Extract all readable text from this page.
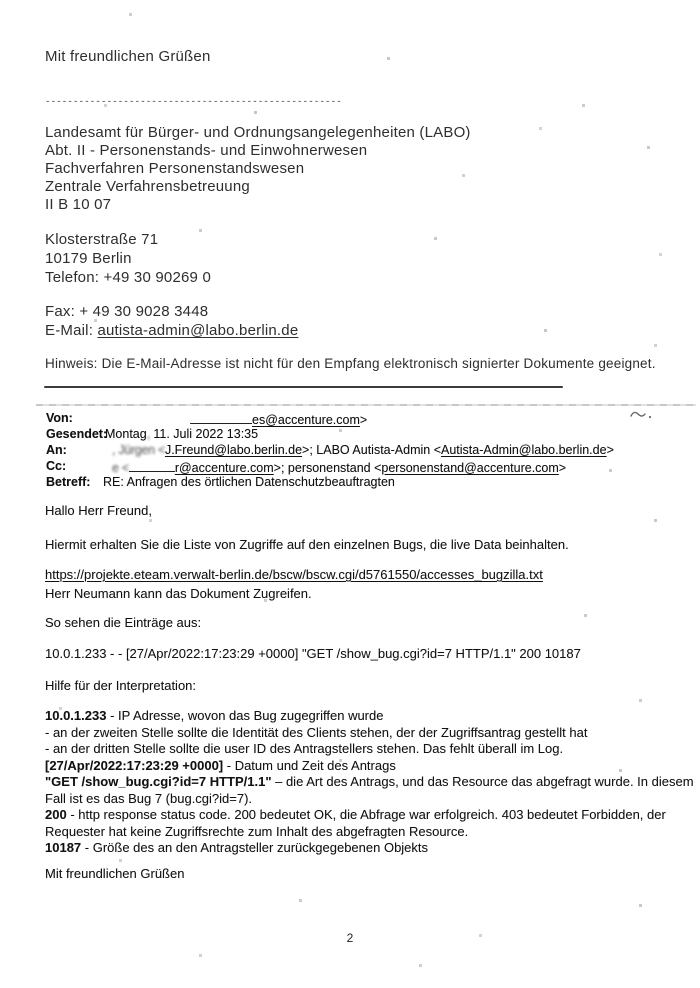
Mit freundlichen Grüßen
-----------------------------------------------------
Landesamt für Bürger- und Ordnungsangelegenheiten (LABO)
Abt. II - Personenstands- und Einwohnerwesen
Fachverfahren Personenstandswesen
Zentrale Verfahrensbetreuung
II B 10 07
Klosterstraße 71
10179 Berlin
Telefon: +49 30 90269 0
Fax: + 49 30 9028 3448
E-Mail: autista-admin@labo.berlin.de
Hinweis: Die E-Mail-Adresse ist nicht für den Empfang elektronisch signierter Dokumente geeignet.
Von:	es@accenture.com>
Gesendet:
Montag, 11. Juli 2022 13:35
An:	, Jürgen <J.Freund@labo.berlin.de>; LABO Autista-Admin <Autista-Admin@labo.berlin.de>
Cc:	e <	r@accenture.com>; personenstand <personenstand@accenture.com>
Betreff: RE: Anfragen des örtlichen Datenschutzbeauftragten
Hallo Herr Freund,
Hiermit erhalten Sie die Liste von Zugriffe auf den einzelnen Bugs, die live Data beinhalten.
https://projekte.eteam.verwalt-berlin.de/bscw/bscw.cgi/d5761550/accesses_bugzilla.txt
Herr Neumann kann das Dokument Zugreifen.
So sehen die Einträge aus:
10.0.1.233 - - [27/Apr/2022:17:23:29 +0000] "GET /show_bug.cgi?id=7 HTTP/1.1" 200 10187
Hilfe für der Interpretation:
10.0.1.233 - IP Adresse, wovon das Bug zugegriffen wurde
- an der zweiten Stelle sollte die Identität des Clients stehen, der der Zugriffsantrag gestellt hat
- an der dritten Stelle sollte die user ID des Antragstellers stehen. Das fehlt überall im Log.
[27/Apr/2022:17:23:29 +0000] - Datum und Zeit des Antrags
"GET /show_bug.cgi?id=7 HTTP/1.1" – die Art des Antrags, und das Resource das abgefragt wurde. In diesem Fall ist es das Bug 7 (bug.cgi?id=7).
200 - http response status code. 200 bedeutet OK, die Abfrage war erfolgreich. 403 bedeutet Forbidden, der Requester hat keine Zugriffsrechte zum Inhalt des abgefragten Resource.
10187 - Größe des an den Antragsteller zurückgegebenen Objekts
Mit freundlichen Grüßen
2
